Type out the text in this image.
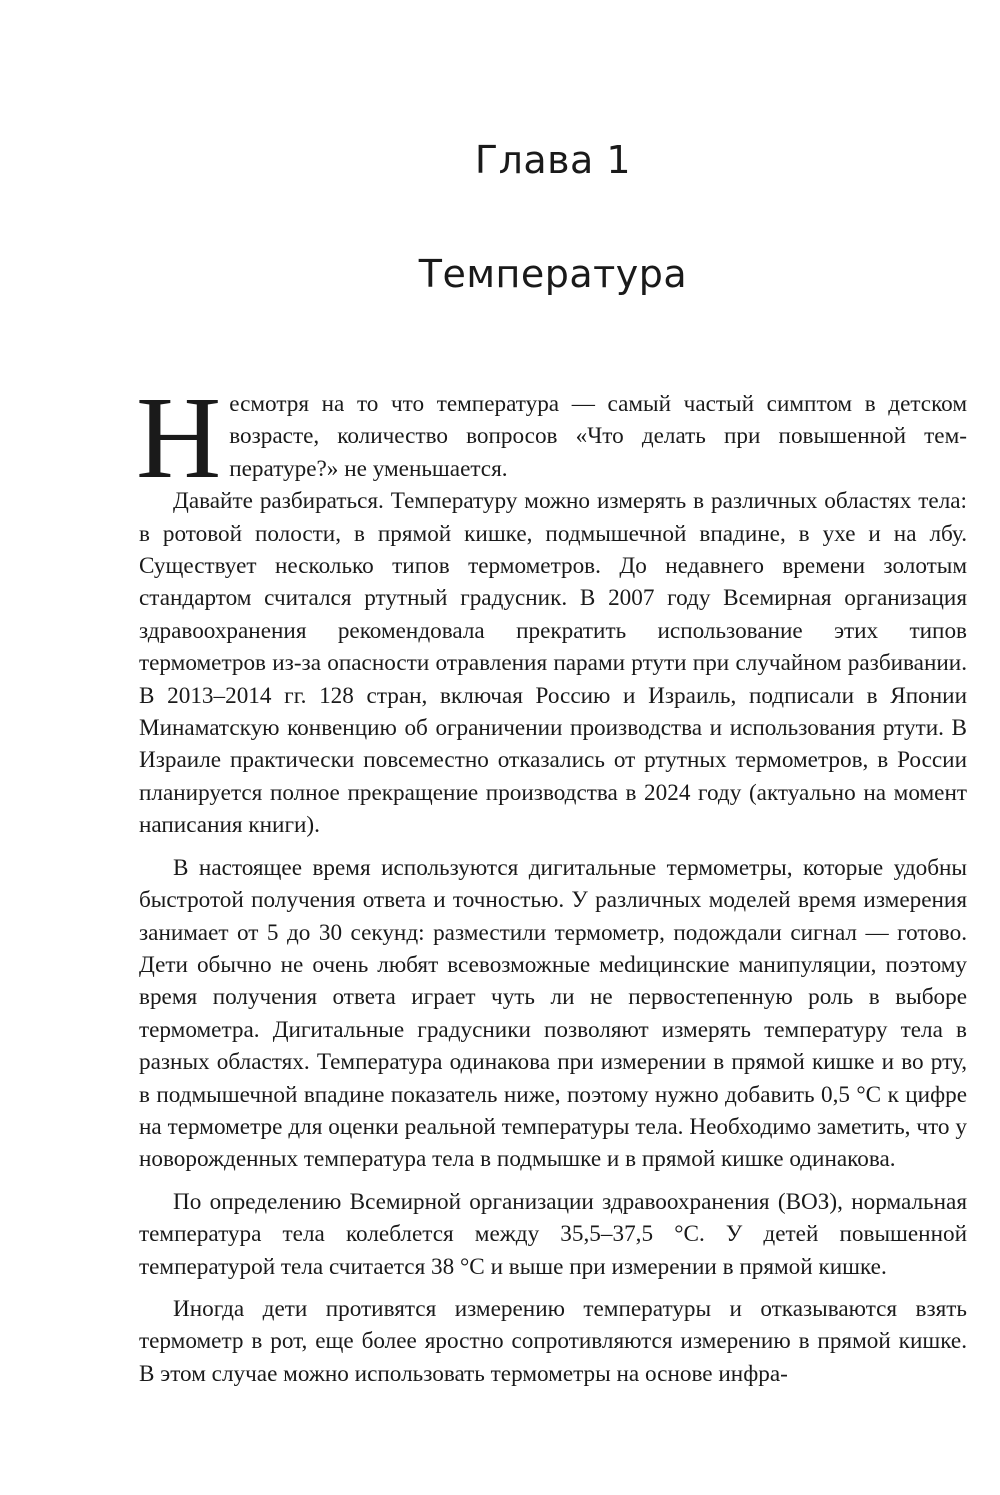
Глава 1
Температура

Н есмотря на то что температура — самый частый симптом в детском возрасте, количество вопросов «Что делать при повышенной температуре?» не уменьшается.

Давайте разбираться. Температуру можно измерять в различных областях тела: в ротовой полости, в прямой кишке, подмышечной впадине, в ухе и на лбу. Существует несколько типов термометров. До недавнего времени золотым стандартом считался ртутный градусник. В 2007 году Всемирная организация здравоохранения рекомендовала прекратить использование этих типов термометров из-за опасности отравления парами ртути при случайном разбивании. В 2013–2014 гг. 128 стран, включая Россию и Израиль, подписали в Японии Минаматскую конвенцию об ограничении производства и использования ртути. В Израиле практически повсеместно отказались от ртутных термометров, в России планируется полное прекращение производства в 2024 году (актуально на момент написания книги).

В настоящее время используются дигитальные термометры, которые удобны быстротой получения ответа и точностью. У различных моделей время измерения занимает от 5 до 30 секунд: разместили термометр, подождали сигнал — готово. Дети обычно не очень любят всевозможные меdицинские манипуляции, поэтому время получения ответа играет чуть ли не первостепенную роль в выборе термометра. Дигитальные градусники позволяют измерять температуру тела в разных областях. Температура одинакова при измерении в прямой кишке и во рту, в подмышечной впадине показатель ниже, поэтому нужно добавить 0,5 °С к цифре на термометре для оценки реальной температуры тела. Необходимо заметить, что у новорожденных температура тела в подмышке и в прямой кишке одинакова.

По определению Всемирной организации здравоохранения (ВОЗ), нормальная температура тела колеблется между 35,5–37,5 °С. У детей повышенной температурой тела считается 38 °С и выше при измерении в прямой кишке.

Иногда дети противятся измерению температуры и отказываются взять термометр в рот, еще более яростно сопротивляются измерению в прямой кишке. В этом случае можно использовать термометры на основе инфра-
